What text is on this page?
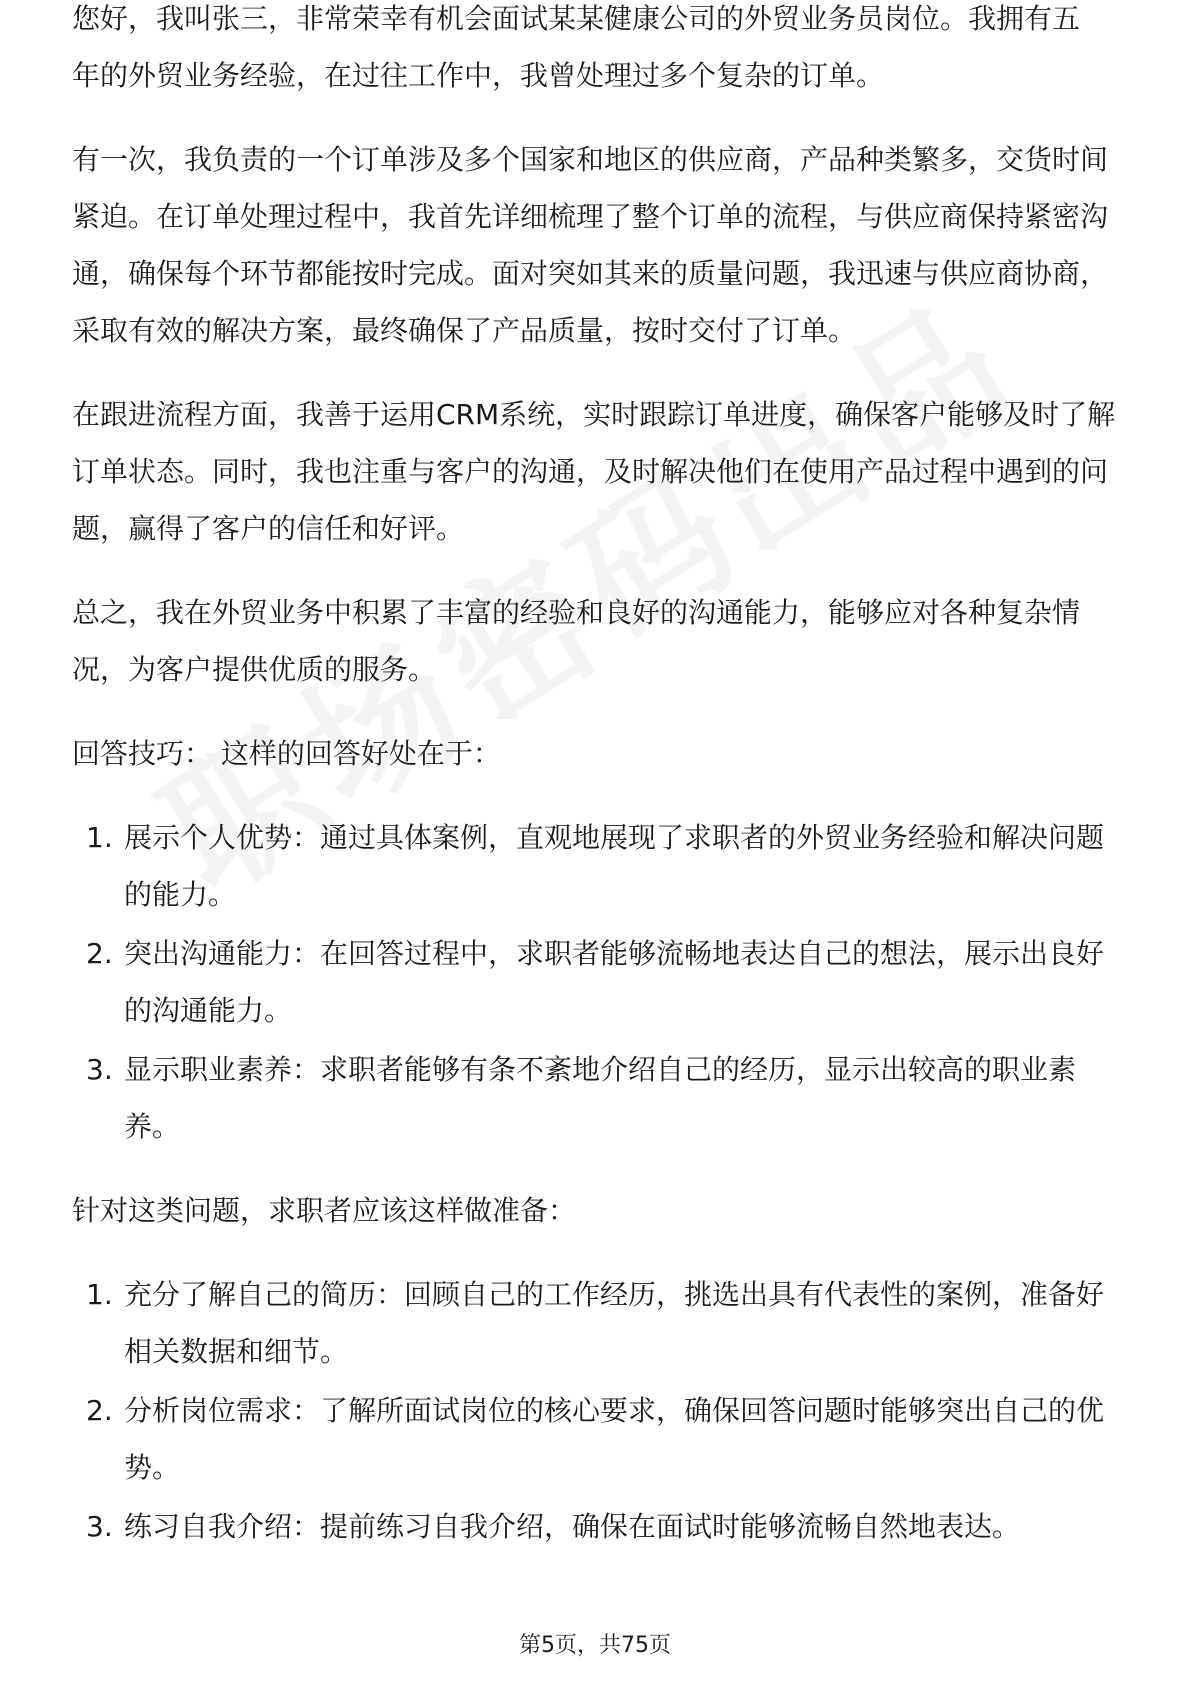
您好，我叫张三，非常荣幸有机会面试某某健康公司的外贸业务员岗位。我拥有五

年的外贸业务经验，在过往工作中，我曾处理过多个复杂的订单。

有一次，我负责的一个订单涉及多个国家和地区的供应商，产品种类繁多，交货时间紧迫。在订单处理过程中，我首先详细梳理了整个订单的流程，与供应商保持紧密沟通，确保每个环节都能按时完成。面对突如其来的质量问题，我迅速与供应商协商，采取有效的解决方案，最终确保了产品质量，按时交付了订单。

在跟进流程方面，我善于运用CRM系统，实时跟踪订单进度，确保客户能够及时了解订单状态。同时，我也注重与客户的沟通，及时解决他们在使用产品过程中遇到的问题，赢得了客户的信任和好评。

总之，我在外贸业务中积累了丰富的经验和良好的沟通能力，能够应对各种复杂情况，为客户提供优质的服务。

回答技巧： 这样的回答好处在于：

1. 展示个人优势：通过具体案例，直观地展现了求职者的外贸业务经验和解决问题的能力。
2. 突出沟通能力：在回答过程中，求职者能够流畅地表达自己的想法，展示出良好的沟通能力。
3. 显示职业素养：求职者能够有条不紊地介绍自己的经历，显示出较高的职业素养。

针对这类问题，求职者应该这样做准备：

1. 充分了解自己的简历：回顾自己的工作经历，挑选出具有代表性的案例，准备好相关数据和细节。
2. 分析岗位需求：了解所面试岗位的核心要求，确保回答问题时能够突出自己的优势。
3. 练习自我介绍：提前练习自我介绍，确保在面试时能够流畅自然地表达。
第5页，共75页
